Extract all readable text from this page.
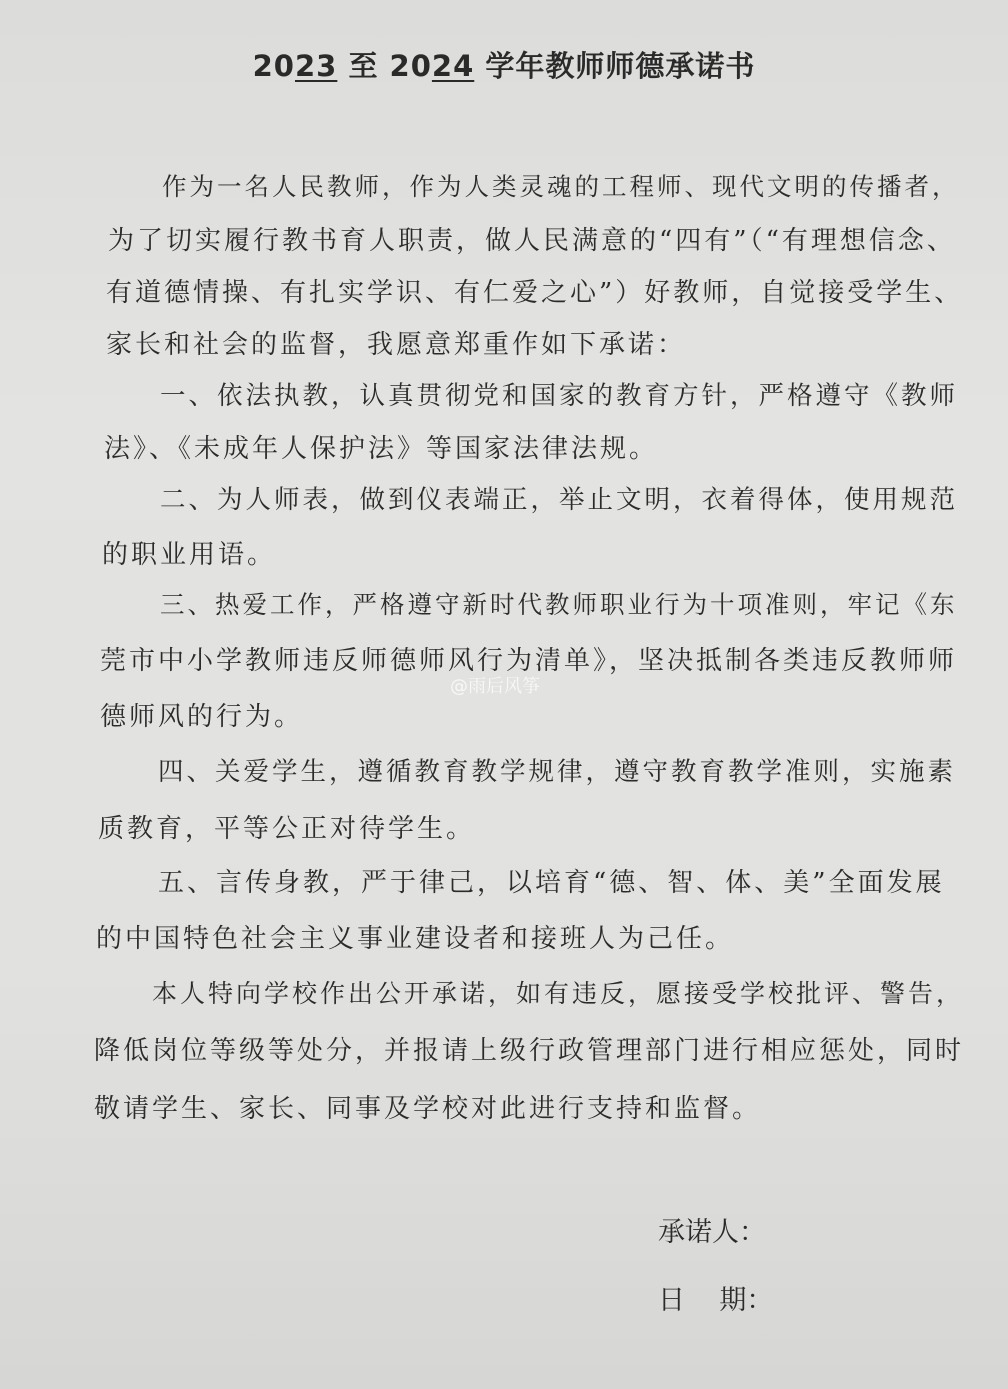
2023 至 2024 学年教师师德承诺书
作为一名人民教师，作为人类灵魂的工程师、现代文明的传播者，
为了切实履行教书育人职责，做人民满意的“四有”（“有理想信念、
有道德情操、有扎实学识、有仁爱之心”）好教师，自觉接受学生、
家长和社会的监督，我愿意郑重作如下承诺：
一、依法执教，认真贯彻党和国家的教育方针，严格遵守《教师
法》、《未成年人保护法》等国家法律法规。
二、为人师表，做到仪表端正，举止文明，衣着得体，使用规范
的职业用语。
三、热爱工作，严格遵守新时代教师职业行为十项准则，牢记《东
莞市中小学教师违反师德师风行为清单》，坚决抵制各类违反教师师
德师风的行为。
四、关爱学生，遵循教育教学规律，遵守教育教学准则，实施素
质教育，平等公正对待学生。
五、言传身教，严于律己，以培育“德、智、体、美”全面发展
的中国特色社会主义事业建设者和接班人为己任。
本人特向学校作出公开承诺，如有违反，愿接受学校批评、警告，
降低岗位等级等处分，并报请上级行政管理部门进行相应惩处，同时
敬请学生、家长、同事及学校对此进行支持和监督。
@雨后风筝
承诺人：
日    期：
